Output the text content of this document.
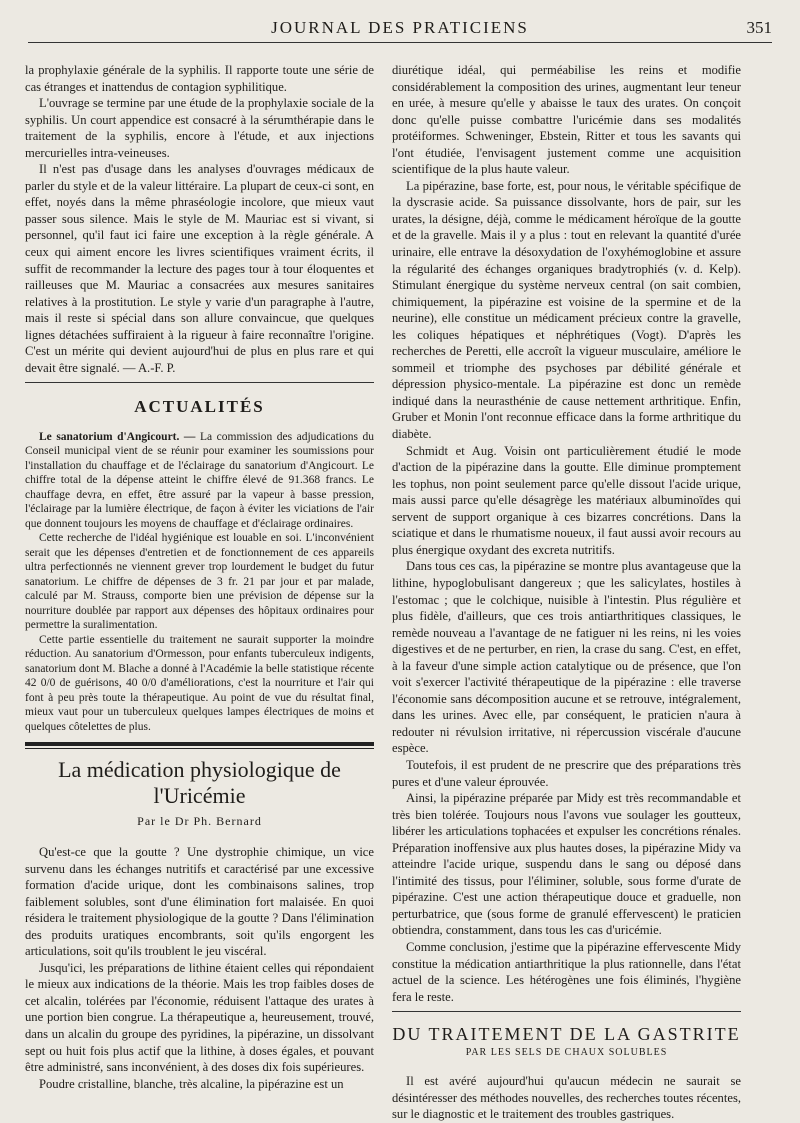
JOURNAL DES PRATICIENS	351

la prophylaxie générale de la syphilis. Il rapporte toute une série de cas étranges et inattendus de contagion syphilitique.

L'ouvrage se termine par une étude de la prophylaxie sociale de la syphilis. Un court appendice est consacré à la sérumthérapie dans le traitement de la syphilis, encore à l'étude, et aux injections mercurielles intra-veineuses.

Il n'est pas d'usage dans les analyses d'ouvrages médicaux de parler du style et de la valeur littéraire. La plupart de ceux-ci sont, en effet, noyés dans la même phraséologie incolore, que mieux vaut passer sous silence. Mais le style de M. Mauriac est si vivant, si personnel, qu'il faut ici faire une exception à la règle générale. A ceux qui aiment encore les livres scientifiques vraiment écrits, il suffit de recommander la lecture des pages tour à tour éloquentes et railleuses que M. Mauriac a consacrées aux mesures sanitaires relatives à la prostitution. Le style y varie d'un paragraphe à l'autre, mais il reste si spécial dans son allure convaincue, que quelques lignes détachées suffiraient à la rigueur à faire reconnaître l'origine. C'est un mérite qui devient aujourd'hui de plus en plus rare et qui devait être signalé. — A.-F. P.

ACTUALITÉS

Le sanatorium d'Angicourt. — La commission des adjudications du Conseil municipal vient de se réunir pour examiner les soumissions pour l'installation du chauffage et de l'éclairage du sanatorium d'Angicourt. Le chiffre total de la dépense atteint le chiffre élevé de 91.368 francs. Le chauffage devra, en effet, être assuré par la vapeur à basse pression, l'éclairage par la lumière électrique, de façon à éviter les viciations de l'air que donnent toujours les moyens de chauffage et d'éclairage ordinaires.

Cette recherche de l'idéal hygiénique est louable en soi. L'inconvénient serait que les dépenses d'entretien et de fonctionnement de ces appareils ultra perfectionnés ne viennent grever trop lourdement le budget du futur sanatorium. Le chiffre de dépenses de 3 fr. 21 par jour et par malade, calculé par M. Strauss, comporte bien une prévision de dépense sur la nourriture doublée par rapport aux dépenses des hôpitaux ordinaires pour permettre la suralimentation.

Cette partie essentielle du traitement ne saurait supporter la moindre réduction. Au sanatorium d'Ormesson, pour enfants tuberculeux indigents, sanatorium dont M. Blache a donné à l'Académie la belle statistique récente 42 0/0 de guérisons, 40 0/0 d'améliorations, c'est la nourriture et l'air qui font à peu près toute la thérapeutique. Au point de vue du résultat final, mieux vaut pour un tuberculeux quelques lampes électriques de moins et quelques côtelettes de plus.

La médication physiologique de l'Uricémie
Par le Dr Ph. Bernard

Qu'est-ce que la goutte ? Une dystrophie chimique, un vice survenu dans les échanges nutritifs et caractérisé par une excessive formation d'acide urique, dont les combinaisons salines, trop faiblement solubles, sont d'une élimination fort malaisée. En quoi résidera le traitement physiologique de la goutte ? Dans l'élimination des produits uratiques encombrants, soit qu'ils engorgent les articulations, soit qu'ils troublent le jeu viscéral.

Jusqu'ici, les préparations de lithine étaient celles qui répondaient le mieux aux indications de la théorie. Mais les trop faibles doses de cet alcalin, tolérées par l'économie, réduisent l'attaque des urates à une portion bien congrue. La thérapeutique a, heureusement, trouvé, dans un alcalin du groupe des pyridines, la pipérazine, un dissolvant sept ou huit fois plus actif que la lithine, à doses égales, et pouvant être administré, sans inconvénient, à des doses dix fois supérieures.

Poudre cristalline, blanche, très alcaline, la pipérazine est un

diurétique idéal, qui perméabilise les reins et modifie considérablement la composition des urines, augmentant leur teneur en urée, à mesure qu'elle y abaisse le taux des urates. On conçoit donc qu'elle puisse combattre l'uricémie dans ses modalités protéiformes. Schweninger, Ebstein, Ritter et tous les savants qui l'ont étudiée, l'envisagent justement comme une acquisition scientifique de la plus haute valeur.

La pipérazine, base forte, est, pour nous, le véritable spécifique de la dyscrasie acide. Sa puissance dissolvante, hors de pair, sur les urates, la désigne, déjà, comme le médicament héroïque de la goutte et de la gravelle. Mais il y a plus : tout en relevant la quantité d'urée urinaire, elle entrave la désoxydation de l'oxyhémoglobine et assure la régularité des échanges organiques bradytrophiés (v. d. Kelp). Stimulant énergique du système nerveux central (on sait combien, chimiquement, la pipérazine est voisine de la spermine et de la neurine), elle constitue un médicament précieux contre la gravelle, les coliques hépatiques et néphrétiques (Vogt). D'après les recherches de Peretti, elle accroît la vigueur musculaire, améliore le sommeil et triomphe des psychoses par débilité générale et dépression physico-mentale. La pipérazine est donc un remède indiqué dans la neurasthénie de cause nettement arthritique. Enfin, Gruber et Monin l'ont reconnue efficace dans la forme arthritique du diabète.

Schmidt et Aug. Voisin ont particulièrement étudié le mode d'action de la pipérazine dans la goutte. Elle diminue promptement les tophus, non point seulement parce qu'elle dissout l'acide urique, mais aussi parce qu'elle désagrège les matériaux albuminoïdes qui servent de support organique à ces bizarres concrétions. Dans la sciatique et dans le rhumatisme noueux, il faut aussi avoir recours au plus énergique oxydant des excreta nutritifs.

Dans tous ces cas, la pipérazine se montre plus avantageuse que la lithine, hypoglobulisant dangereux ; que les salicylates, hostiles à l'estomac ; que le colchique, nuisible à l'intestin. Plus régulière et plus fidèle, d'ailleurs, que ces trois antiarthritiques classiques, le remède nouveau a l'avantage de ne fatiguer ni les reins, ni les voies digestives et de ne perturber, en rien, la crase du sang. C'est, en effet, à la faveur d'une simple action catalytique ou de présence, que l'on voit s'exercer l'activité thérapeutique de la pipérazine : elle traverse l'économie sans décomposition aucune et se retrouve, intégralement, dans les urines. Avec elle, par conséquent, le praticien n'aura à redouter ni révulsion irritative, ni répercussion viscérale d'aucune espèce.

Toutefois, il est prudent de ne prescrire que des préparations très pures et d'une valeur éprouvée.

Ainsi, la pipérazine préparée par Midy est très recommandable et très bien tolérée. Toujours nous l'avons vue soulager les goutteux, libérer les articulations tophacées et expulser les concrétions rénales. Préparation inoffensive aux plus hautes doses, la pipérazine Midy va atteindre l'acide urique, suspendu dans le sang ou déposé dans l'intimité des tissus, pour l'éliminer, soluble, sous forme d'urate de pipérazine. C'est une action thérapeutique douce et graduelle, non perturbatrice, que (sous forme de granulé effervescent) le praticien obtiendra, constamment, dans tous les cas d'uricémie.

Comme conclusion, j'estime que la pipérazine effervescente Midy constitue la médication antiarthritique la plus rationnelle, dans l'état actuel de la science. Les hétérogènes une fois éliminés, l'hygiène fera le reste.

DU TRAITEMENT DE LA GASTRITE
PAR LES SELS DE CHAUX SOLUBLES

Il est avéré aujourd'hui qu'aucun médecin ne saurait se désintéresser des méthodes nouvelles, des recherches toutes récentes, sur le diagnostic et le traitement des troubles gastriques.
